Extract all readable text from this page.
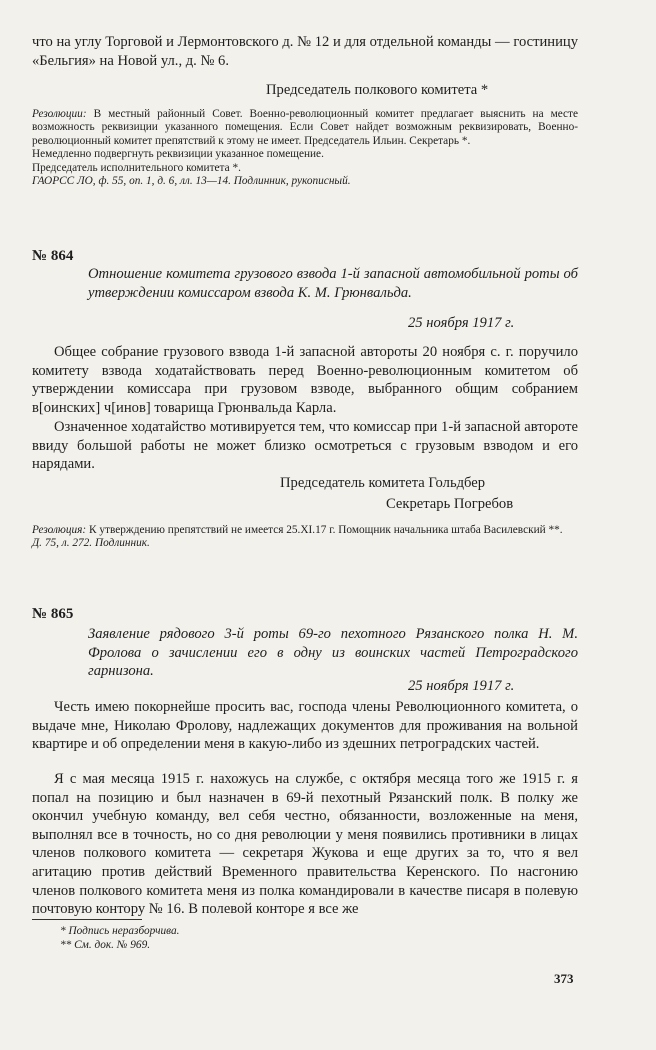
что на углу Торговой и Лермонтовского д. № 12 и для отдельной команды — гостиницу «Бельгия» на Новой ул., д. № 6.

Председатель полкового комитета *

Резолюции: В местный районный Совет. Военно-революционный комитет предлагает выяснить на месте возможность реквизиции указанного помещения. Если Совет найдет возможным реквизировать, Военно-революционный комитет препятствий к этому не имеет. Председатель Ильин. Секретарь *.

Немедленно подвергнуть реквизиции указанное помещение.

Председатель исполнительного комитета *.

ГАОРСС ЛО, ф. 55, оп. 1, д. 6, лл. 13—14. Подлинник, рукописный.

№ 864

Отношение комитета грузового взвода 1-й запасной автомобильной роты об утверждении комиссаром взвода К. М. Грюнвальда.

25 ноября 1917 г.

Общее собрание грузового взвода 1-й запасной автороты 20 ноября с. г. поручило комитету взвода ходатайствовать перед Военно-революционным комитетом об утверждении комиссара при грузовом взводе, выбранного общим собранием в[оинских] ч[инов] товарища Грюнвальда Карла.

Означенное ходатайство мотивируется тем, что комиссар при 1-й запасной автороте ввиду большой работы не может близко осмотреться с грузовым взводом и его нарядами.

Председатель комитета Гольдбер
Секретарь Погребов

Резолюция: К утверждению препятствий не имеется 25.XI.17 г. Помощник начальника штаба Василевский **.

Д. 75, л. 272. Подлинник.

№ 865

Заявление рядового 3-й роты 69-го пехотного Рязанского полка Н. М. Фролова о зачислении его в одну из воинских частей Петроградского гарнизона.

25 ноября 1917 г.

Честь имею покорнейше просить вас, господа члены Революционного комитета, о выдаче мне, Николаю Фролову, надлежащих документов для проживания на вольной квартире и об определении меня в какую-либо из здешних петроградских частей.

Я с мая месяца 1915 г. нахожусь на службе, с октября месяца того же 1915 г. я попал на позицию и был назначен в 69-й пехотный Рязанский полк. В полку же окончил учебную команду, вел себя честно, обязанности, возложенные на меня, выполнял все в точность, но со дня революции у меня появились противники в лицах членов полкового комитета — секретаря Жукова и еще других за то, что я вел агитацию против действий Временного правительства Керенского. По насгонию членов полкового комитета меня из полка командировали в качестве писаря в полевую почтовую контору № 16. В полевой конторе я все же

* Подпись неразборчива.
** См. док. № 969.
373
